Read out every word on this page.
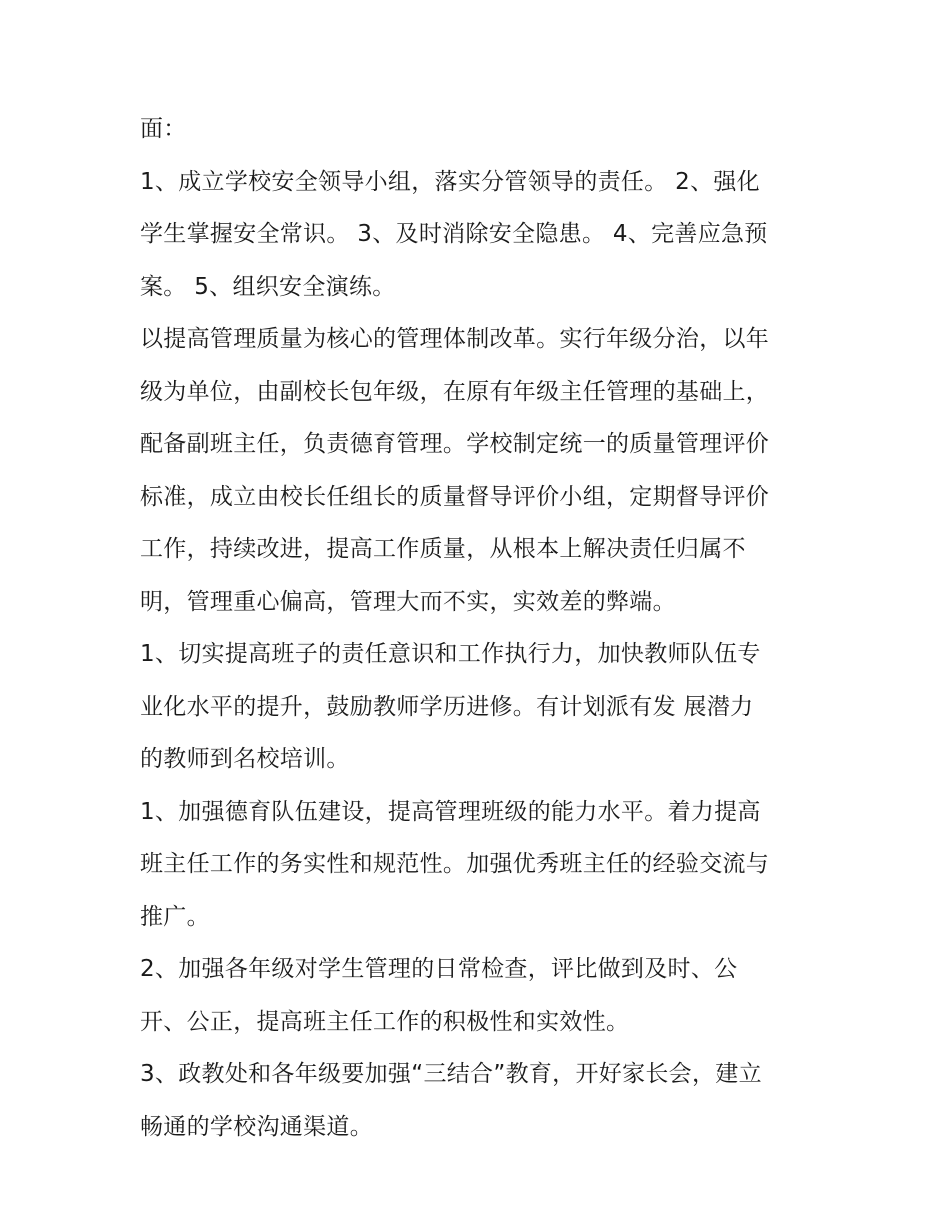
面：
1、成立学校安全领导小组，落实分管领导的责任。 2、强化
学生掌握安全常识。 3、及时消除安全隐患。 4、完善应急预
案。 5、组织安全演练。
以提高管理质量为核心的管理体制改革。实行年级分治，以年
级为单位，由副校长包年级，在原有年级主任管理的基础上，
配备副班主任，负责德育管理。学校制定统一的质量管理评价
标准，成立由校长任组长的质量督导评价小组，定期督导评价
工作，持续改进，提高工作质量，从根本上解决责任归属不
明，管理重心偏高，管理大而不实，实效差的弊端。
1、切实提高班子的责任意识和工作执行力，加快教师队伍专
业化水平的提升，鼓励教师学历进修。有计划派有发 展潜力
的教师到名校培训。
1、加强德育队伍建设，提高管理班级的能力水平。着力提高
班主任工作的务实性和规范性。加强优秀班主任的经验交流与
推广。
2、加强各年级对学生管理的日常检查，评比做到及时、公
开、公正，提高班主任工作的积极性和实效性。
3、政教处和各年级要加强“三结合”教育，开好家长会，建立
畅通的学校沟通渠道。
